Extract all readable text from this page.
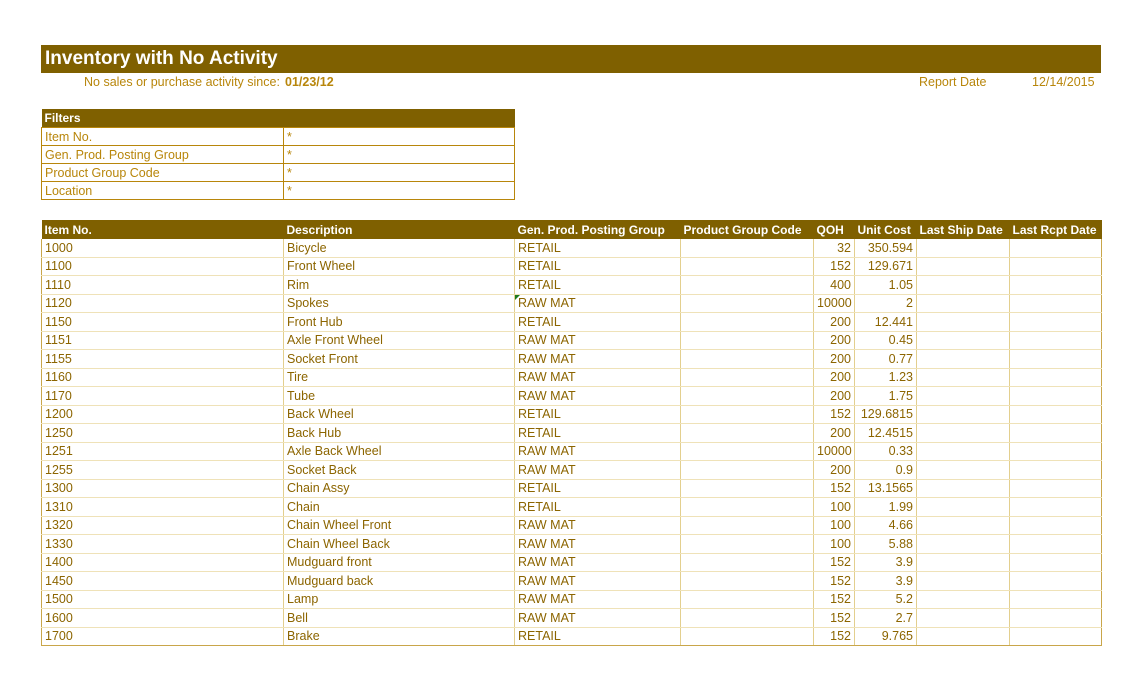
Inventory with No Activity
No sales or purchase activity since: 01/23/12	Report Date	12/14/2015
Filters	
Item No.	*
Gen. Prod. Posting Group	*
Product Group Code	*
Location	*
Item No.	Description	Gen. Prod. Posting Group	Product Group Code	QOH	Unit Cost	Last Ship Date	Last Rcpt Date
1000	Bicycle	RETAIL		32	350.594		
1100	Front Wheel	RETAIL		152	129.671		
1110	Rim	RETAIL		400	1.05		
1120	Spokes	RAW MAT		10000	2		
1150	Front Hub	RETAIL		200	12.441		
1151	Axle Front Wheel	RAW MAT		200	0.45		
1155	Socket Front	RAW MAT		200	0.77		
1160	Tire	RAW MAT		200	1.23		
1170	Tube	RAW MAT		200	1.75		
1200	Back Wheel	RETAIL		152	129.6815		
1250	Back Hub	RETAIL		200	12.4515		
1251	Axle Back Wheel	RAW MAT		10000	0.33		
1255	Socket Back	RAW MAT		200	0.9		
1300	Chain Assy	RETAIL		152	13.1565		
1310	Chain	RETAIL		100	1.99		
1320	Chain Wheel Front	RAW MAT		100	4.66		
1330	Chain Wheel Back	RAW MAT		100	5.88		
1400	Mudguard front	RAW MAT		152	3.9		
1450	Mudguard back	RAW MAT		152	3.9		
1500	Lamp	RAW MAT		152	5.2		
1600	Bell	RAW MAT		152	2.7		
1700	Brake	RETAIL		152	9.765		
